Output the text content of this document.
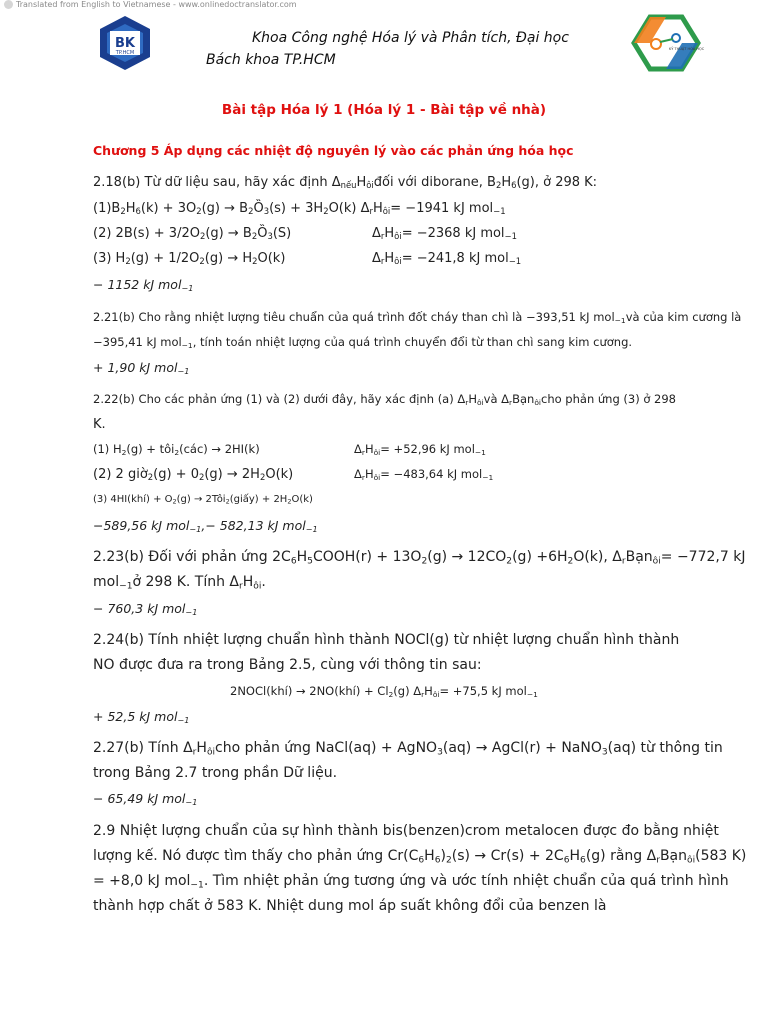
Translated from English to Vietnamese - www.onlinedoctranslator.com
BK
TP.HCM
Khoa Công nghệ Hóa lý và Phân tích, Đại học
Bách khoa TP.HCM
KỸ THUẬT HÓA HỌC
Bài tập Hóa lý 1 (Hóa lý 1 - Bài tập về nhà)
Chương 5 Áp dụng các nhiệt độ nguyên lý vào các phản ứng hóa học
2.18(b) Từ dữ liệu sau, hãy xác định $\Delta_{nếu}H_{ôi}đối$ với diborane, $B_2H_6(g)$, ở 298 K:
$(1)B_2H_6(k) + 3O_2(g)$ → $B_2Ȍ_3(s) + 3H_2O(k)$ $\Delta_rH_{ôi}= -1941$ kJ mol$_{-1}$
(2) $2B(s) + 3/2O_2(g)$ → $B_2Ȍ_3(S)$	$\Delta_rH_{ôi}= -2368$ kJ mol$_{-1}$
(3) $H_2(g) + 1/2O_2(g) \to H_2O(k)$	$\Delta_rH_{ôi}= -241,8$ kJ mol$_{-1}$
− 1152 kJ mol$_{-1}$
2.21(b) Cho rằng nhiệt lượng tiêu chuẩn của quá trình đốt cháy than chì là −393,51 kJ mol$_{-1}$và của kim cương là
−395,41 kJ mol$_{-1}$, tính toán nhiệt lượng của quá trình chuyển đổi từ than chì sang kim cương.
+ 1,90 kJ mol$_{-1}$
2.22(b) Cho các phản ứng (1) và (2) dưới đây, hãy xác định (a) $\Delta_rH_{ôi}và$ $\Delta_rBạn_{ôi}cho$ phản ứng (3) ở 298
K.
(1) $H_2(g)$ + tôi$_2$(các) → 2HI(k)	$\Delta_rH_{ôi}= +52,96$ kJ mol$_{-1}$
(2) 2 giờ$_2$(g) + $0_2(g) \to 2H_2O(k)$	$\Delta_rH_{ôi}= -483,64$ kJ mol$_{-1}$
(3) 4HI(khí) + $O_2(g)$ → 2Tôi$_2$(giấy) + $2H_2O(k)$
−589,56 kJ mol$_{-1}$,− 582,13 kJ mol$_{-1}$
2.23(b) Đối với phản ứng $2C_6H_5COOH(r) + 13O_2(g) \to 12CO_2(g) +6H_2O(k)$, $\Delta_rBạn_{ôi}= -772,7$ kJ
mol$_{-1}$ở 298 K. Tính $\Delta_rH_{ôi}$.
− 760,3 kJ mol$_{-1}$
2.24(b) Tính nhiệt lượng chuẩn hình thành NOCl(g) từ nhiệt lượng chuẩn hình thành
NO được đưa ra trong Bảng 2.5, cùng với thông tin sau:
2NOCl(khí) → 2NO(khí) + $Cl_2(g)$ $\Delta_rH_{ôi}= +75,5$ kJ mol$_{-1}$
+ 52,5 kJ mol$_{-1}$
2.27(b) Tính $\Delta_rH_{ôi}cho$ phản ứng NaCl(aq) + AgNO$_3$(aq) → AgCl(r) + NaNO$_3$(aq) từ thông tin
trong Bảng 2.7 trong phần Dữ liệu.
− 65,49 kJ mol$_{-1}$
2.9 Nhiệt lượng chuẩn của sự hình thành bis(benzen)crom metalocen được đo bằng nhiệt
lượng kế. Nó được tìm thấy cho phản ứng $Cr(C_6H_6)_2(s) \to Cr(s) + 2C_6H_6(g)$ rằng $\Delta_rBạn_{ôi}(583$ K)
= +8,0 kJ mol$_{-1}$. Tìm nhiệt phản ứng tương ứng và ước tính nhiệt chuẩn của quá trình hình
thành hợp chất ở 583 K. Nhiệt dung mol áp suất không đổi của benzen là
